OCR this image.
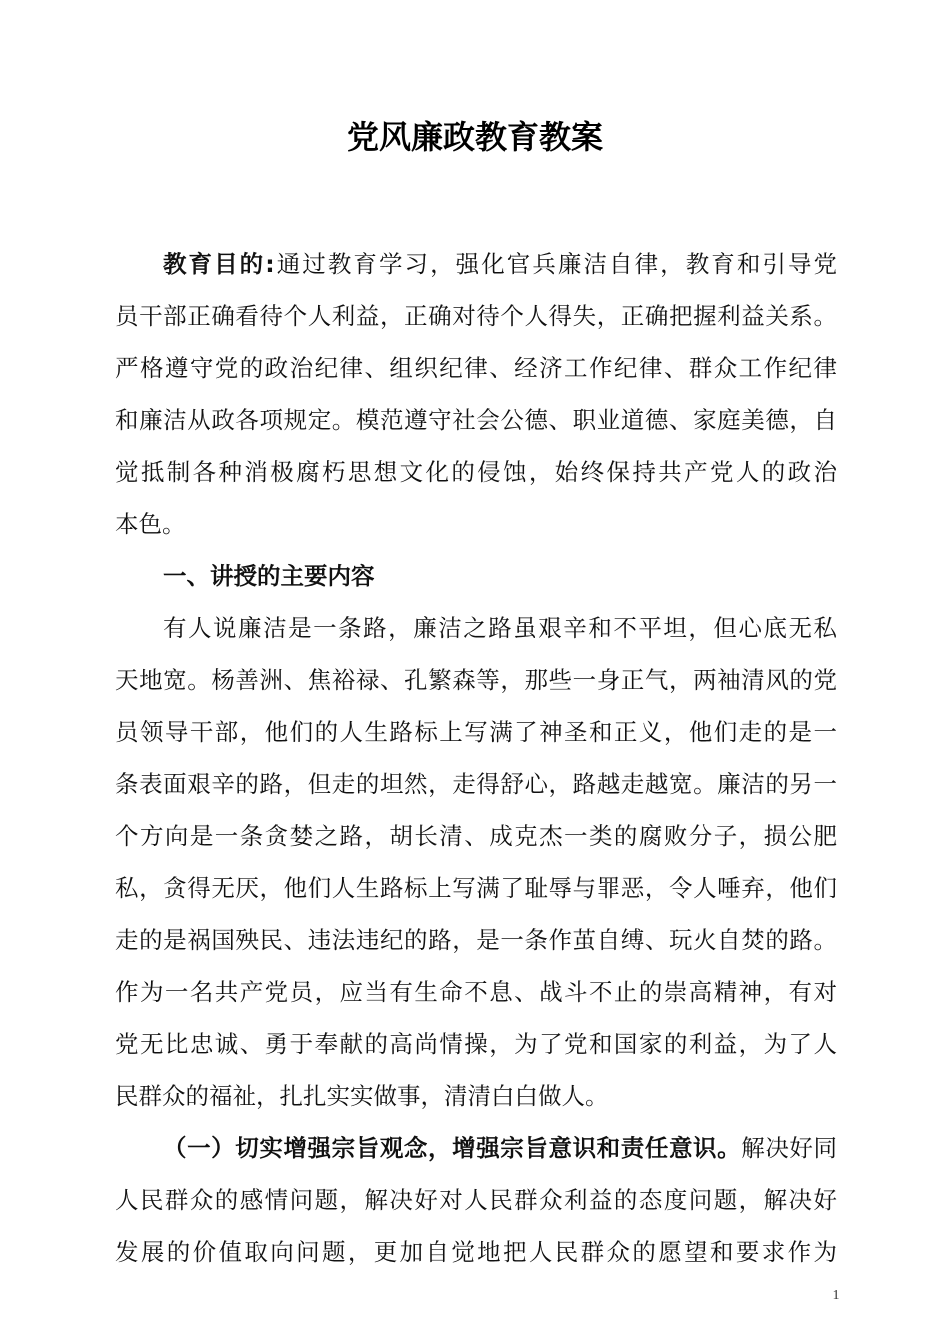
党风廉政教育教案
教育目的:通过教育学习，强化官兵廉洁自律，教育和引导党
员干部正确看待个人利益，正确对待个人得失，正确把握利益关系。
严格遵守党的政治纪律、组织纪律、经济工作纪律、群众工作纪律
和廉洁从政各项规定。模范遵守社会公德、职业道德、家庭美德，自
觉抵制各种消极腐朽思想文化的侵蚀，始终保持共产党人的政治
本色。
一、讲授的主要内容
有人说廉洁是一条路，廉洁之路虽艰辛和不平坦，但心底无私
天地宽。杨善洲、焦裕禄、孔繁森等，那些一身正气，两袖清风的党
员领导干部，他们的人生路标上写满了神圣和正义，他们走的是一
条表面艰辛的路，但走的坦然，走得舒心，路越走越宽。廉洁的另一
个方向是一条贪婪之路，胡长清、成克杰一类的腐败分子，损公肥
私，贪得无厌，他们人生路标上写满了耻辱与罪恶，令人唾弃，他们
走的是祸国殃民、违法违纪的路，是一条作茧自缚、玩火自焚的路。
作为一名共产党员，应当有生命不息、战斗不止的崇高精神，有对
党无比忠诚、勇于奉献的高尚情操，为了党和国家的利益，为了人
民群众的福祉，扎扎实实做事，清清白白做人。
（一）切实增强宗旨观念，增强宗旨意识和责任意识。解决好同
人民群众的感情问题，解决好对人民群众利益的态度问题，解决好
发展的价值取向问题，更加自觉地把人民群众的愿望和要求作为
1
